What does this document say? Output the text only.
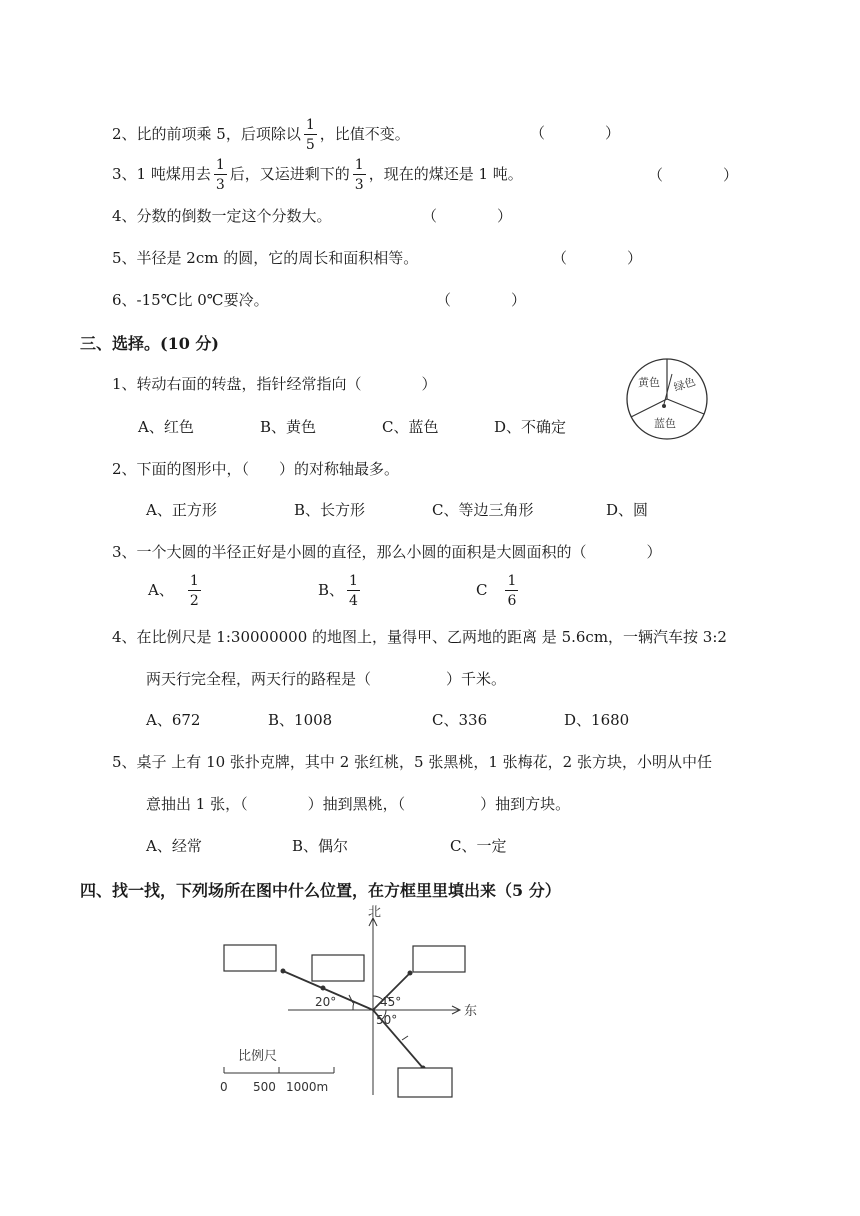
2、比的前项乘 5，后项除以 $\frac{1}{5}$ ，比值不变。	（　　　　）
3、1 吨煤用去 $\frac{1}{3}$ 后，又运进剩下的 $\frac{1}{3}$ ，现在的煤还是 1 吨。	（　　　　）
4、分数的倒数一定这个分数大。	（　　　　）
5、半径是 2cm 的圆，它的周长和面积相等。	（　　　　）
6、-15℃比 0℃要冷。	（　　　　）
三、选择。(10 分)
1、转动右面的转盘，指针经常指向（　　　　）
A、红色	B、黄色	C、蓝色	D、不确定
黄色 绿色
蓝色
2、下面的图形中，（　　）的对称轴最多。
A、正方形	B、长方形	C、等边三角形	D、圆
3、一个大圆的半径正好是小圆的直径，那么小圆的面积是大圆面积的（　　　　）
A、 $\frac{1}{2}$	B、 $\frac{1}{4}$	C $\frac{1}{6}$
4、在比例尺是 1:30000000 的地图上，量得甲、乙两地的距离 是 5.6cm，一辆汽车按 3:2
两天行完全程，两天行的路程是（　　　　　）千米。
A、672	B、1008	C、336	D、1680
5、桌子 上有 10 张扑克牌，其中 2 张红桃，5 张黑桃，1 张梅花，2 张方块，小明从中任
意抽出 1 张，（　　　　）抽到黑桃，（　　　　　）抽到方块。
A、经常	B、偶尔	C、一定
四、找一找，下列场所在图中什么位置，在方框里里填出来（5 分）
北
东
20°	45°
50°
比例尺
0 500 1000m
